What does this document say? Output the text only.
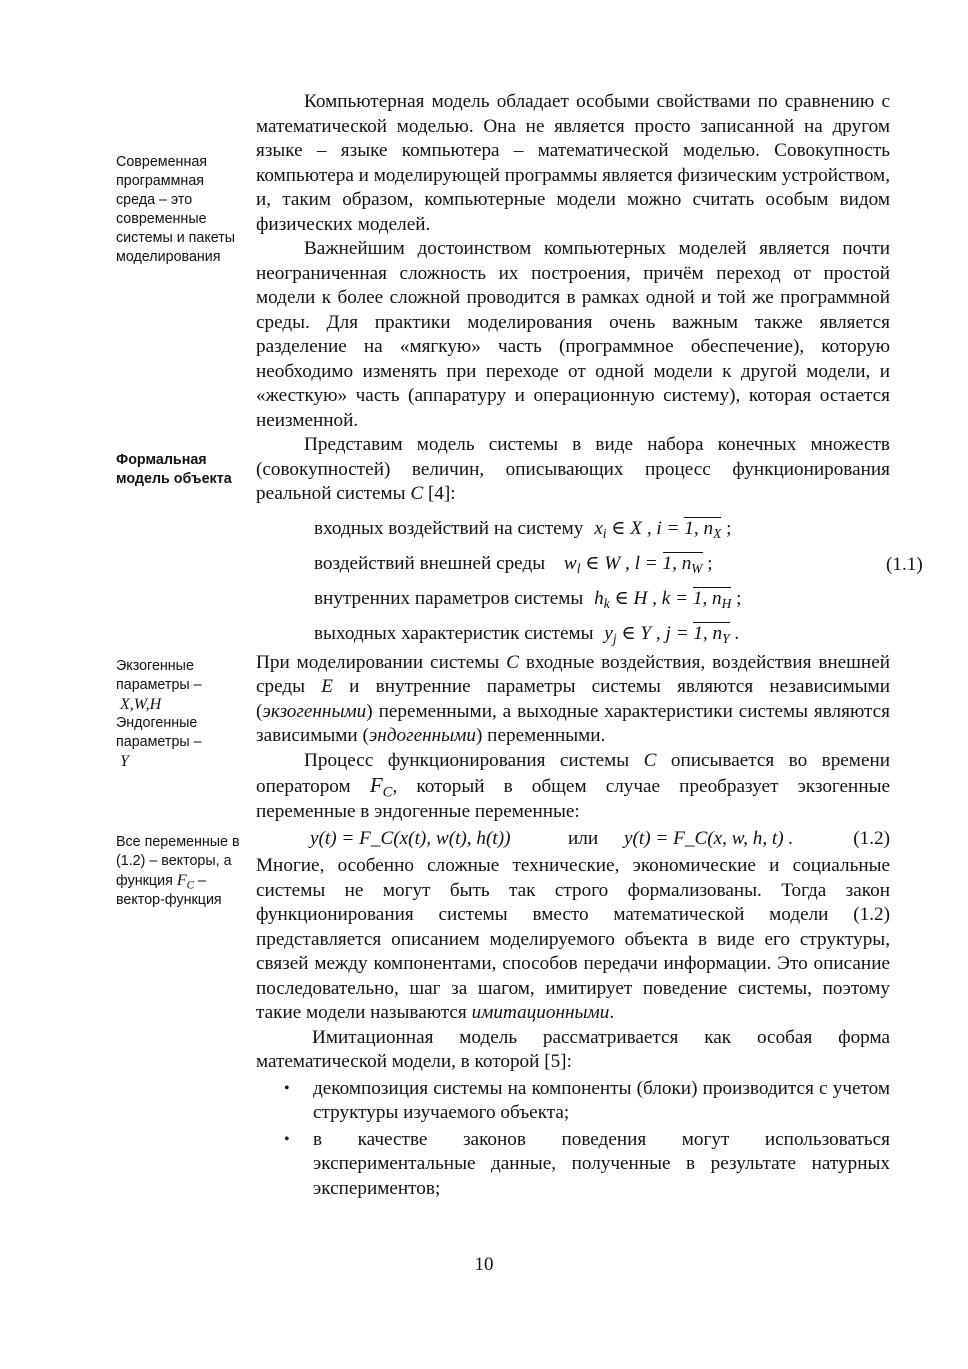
Современная программная среда – это современные системы и пакеты моделирования
Формальная модель объекта
Экзогенные параметры –
X,W,H
Эндогенные параметры –
Y
Все переменные в (1.2) – векторы, а функция $F_C$ – вектор-функция

Компьютерная модель обладает особыми свойствами по сравнению с математической моделью. Она не является просто записанной на другом языке – языке компьютера – математической моделью. Совокупность компьютера и моделирующей программы является физическим устройством, и, таким образом, компьютерные модели можно считать особым видом физических моделей.

Важнейшим достоинством компьютерных моделей является почти неограниченная сложность их построения, причём переход от простой модели к более сложной проводится в рамках одной и той же программной среды. Для практики моделирования очень важным также является разделение на «мягкую» часть (программное обеспечение), которую необходимо изменять при переходе от одной модели к другой модели, и «жесткую» часть (аппаратуру и операционную систему), которая остается неизменной.

Представим модель системы в виде набора конечных множеств (совокупностей) величин, описывающих процесс функционирования реальной системы C [4]:

входных воздействий на систему $x_i$ ∈ X , i = 1, $n_X$ ;
воздействий внешней среды $w_l$ ∈ W , l = 1, $n_W$ ;
внутренних параметров системы $h_k$ ∈ H , k = 1, $n_H$ ;
выходных характеристик системы $y_j$ ∈ Y , j = 1, $n_Y$ .
(1.1)

При моделировании системы C входные воздействия, воздействия внешней среды E и внутренние параметры системы являются независимыми (экзогенными) переменными, а выходные характеристики системы являются зависимыми (эндогенными) переменными.

Процесс функционирования системы C описывается во времени оператором $F_C$, который в общем случае преобразует экзогенные переменные в эндогенные переменные:

y(t) = F_C(x(t), w(t), h(t))	или y(t) = F_C(x, w, h, t) .	(1.2)

Многие, особенно сложные технические, экономические и социальные системы не могут быть так строго формализованы. Тогда закон функционирования системы вместо математической модели (1.2) представляется описанием моделируемого объекта в виде его структуры, связей между компонентами, способов передачи информации. Это описание последовательно, шаг за шагом, имитирует поведение системы, поэтому такие модели называются имитационными.

Имитационная модель рассматривается как особая форма математической модели, в которой [5]:

• декомпозиция системы на компоненты (блоки) производится с учетом структуры изучаемого объекта;
• в качестве законов поведения могут использоваться экспериментальные данные, полученные в результате натурных экспериментов;
10
